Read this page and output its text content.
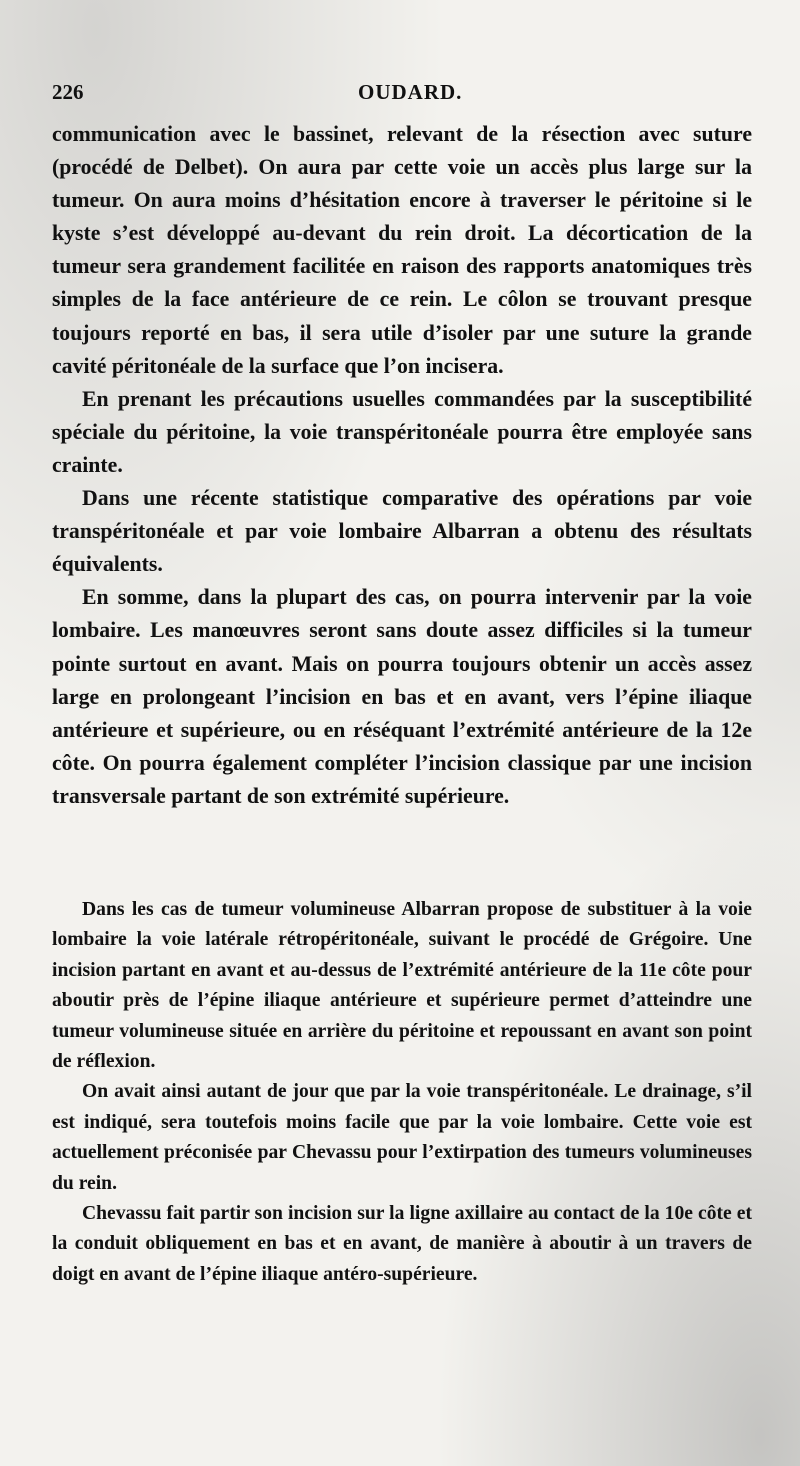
226	OUDARD.

communication avec le bassinet, relevant de la résection avec suture (procédé de Delbet). On aura par cette voie un accès plus large sur la tumeur. On aura moins d’hésitation encore à traverser le péritoine si le kyste s’est développé au-devant du rein droit. La décortication de la tumeur sera grandement facilitée en raison des rapports anatomiques très simples de la face antérieure de ce rein. Le côlon se trouvant presque toujours reporté en bas, il sera utile d’isoler par une suture la grande cavité péritonéale de la surface que l’on incisera.

En prenant les précautions usuelles commandées par la susceptibilité spéciale du péritoine, la voie transpéritonéale pourra être employée sans crainte.

Dans une récente statistique comparative des opérations par voie transpéritonéale et par voie lombaire Albarran a obtenu des résultats équivalents.

En somme, dans la plupart des cas, on pourra intervenir par la voie lombaire. Les manœuvres seront sans doute assez difficiles si la tumeur pointe surtout en avant. Mais on pourra toujours obtenir un accès assez large en prolongeant l’incision en bas et en avant, vers l’épine iliaque antérieure et supérieure, ou en réséquant l’extrémité antérieure de la 12e côte. On pourra également compléter l’incision classique par une incision transversale partant de son extrémité supérieure.

Dans les cas de tumeur volumineuse Albarran propose de substituer à la voie lombaire la voie latérale rétropéritonéale, suivant le procédé de Grégoire. Une incision partant en avant et au-dessus de l’extrémité antérieure de la 11e côte pour aboutir près de l’épine iliaque antérieure et supérieure permet d’atteindre une tumeur volumineuse située en arrière du péritoine et repoussant en avant son point de réflexion.

On avait ainsi autant de jour que par la voie transpéritonéale. Le drainage, s’il est indiqué, sera toutefois moins facile que par la voie lombaire. Cette voie est actuellement préconisée par Chevassu pour l’extirpation des tumeurs volumineuses du rein.

Chevassu fait partir son incision sur la ligne axillaire au contact de la 10e côte et la conduit obliquement en bas et en avant, de manière à aboutir à un travers de doigt en avant de l’épine iliaque antéro-supérieure.
